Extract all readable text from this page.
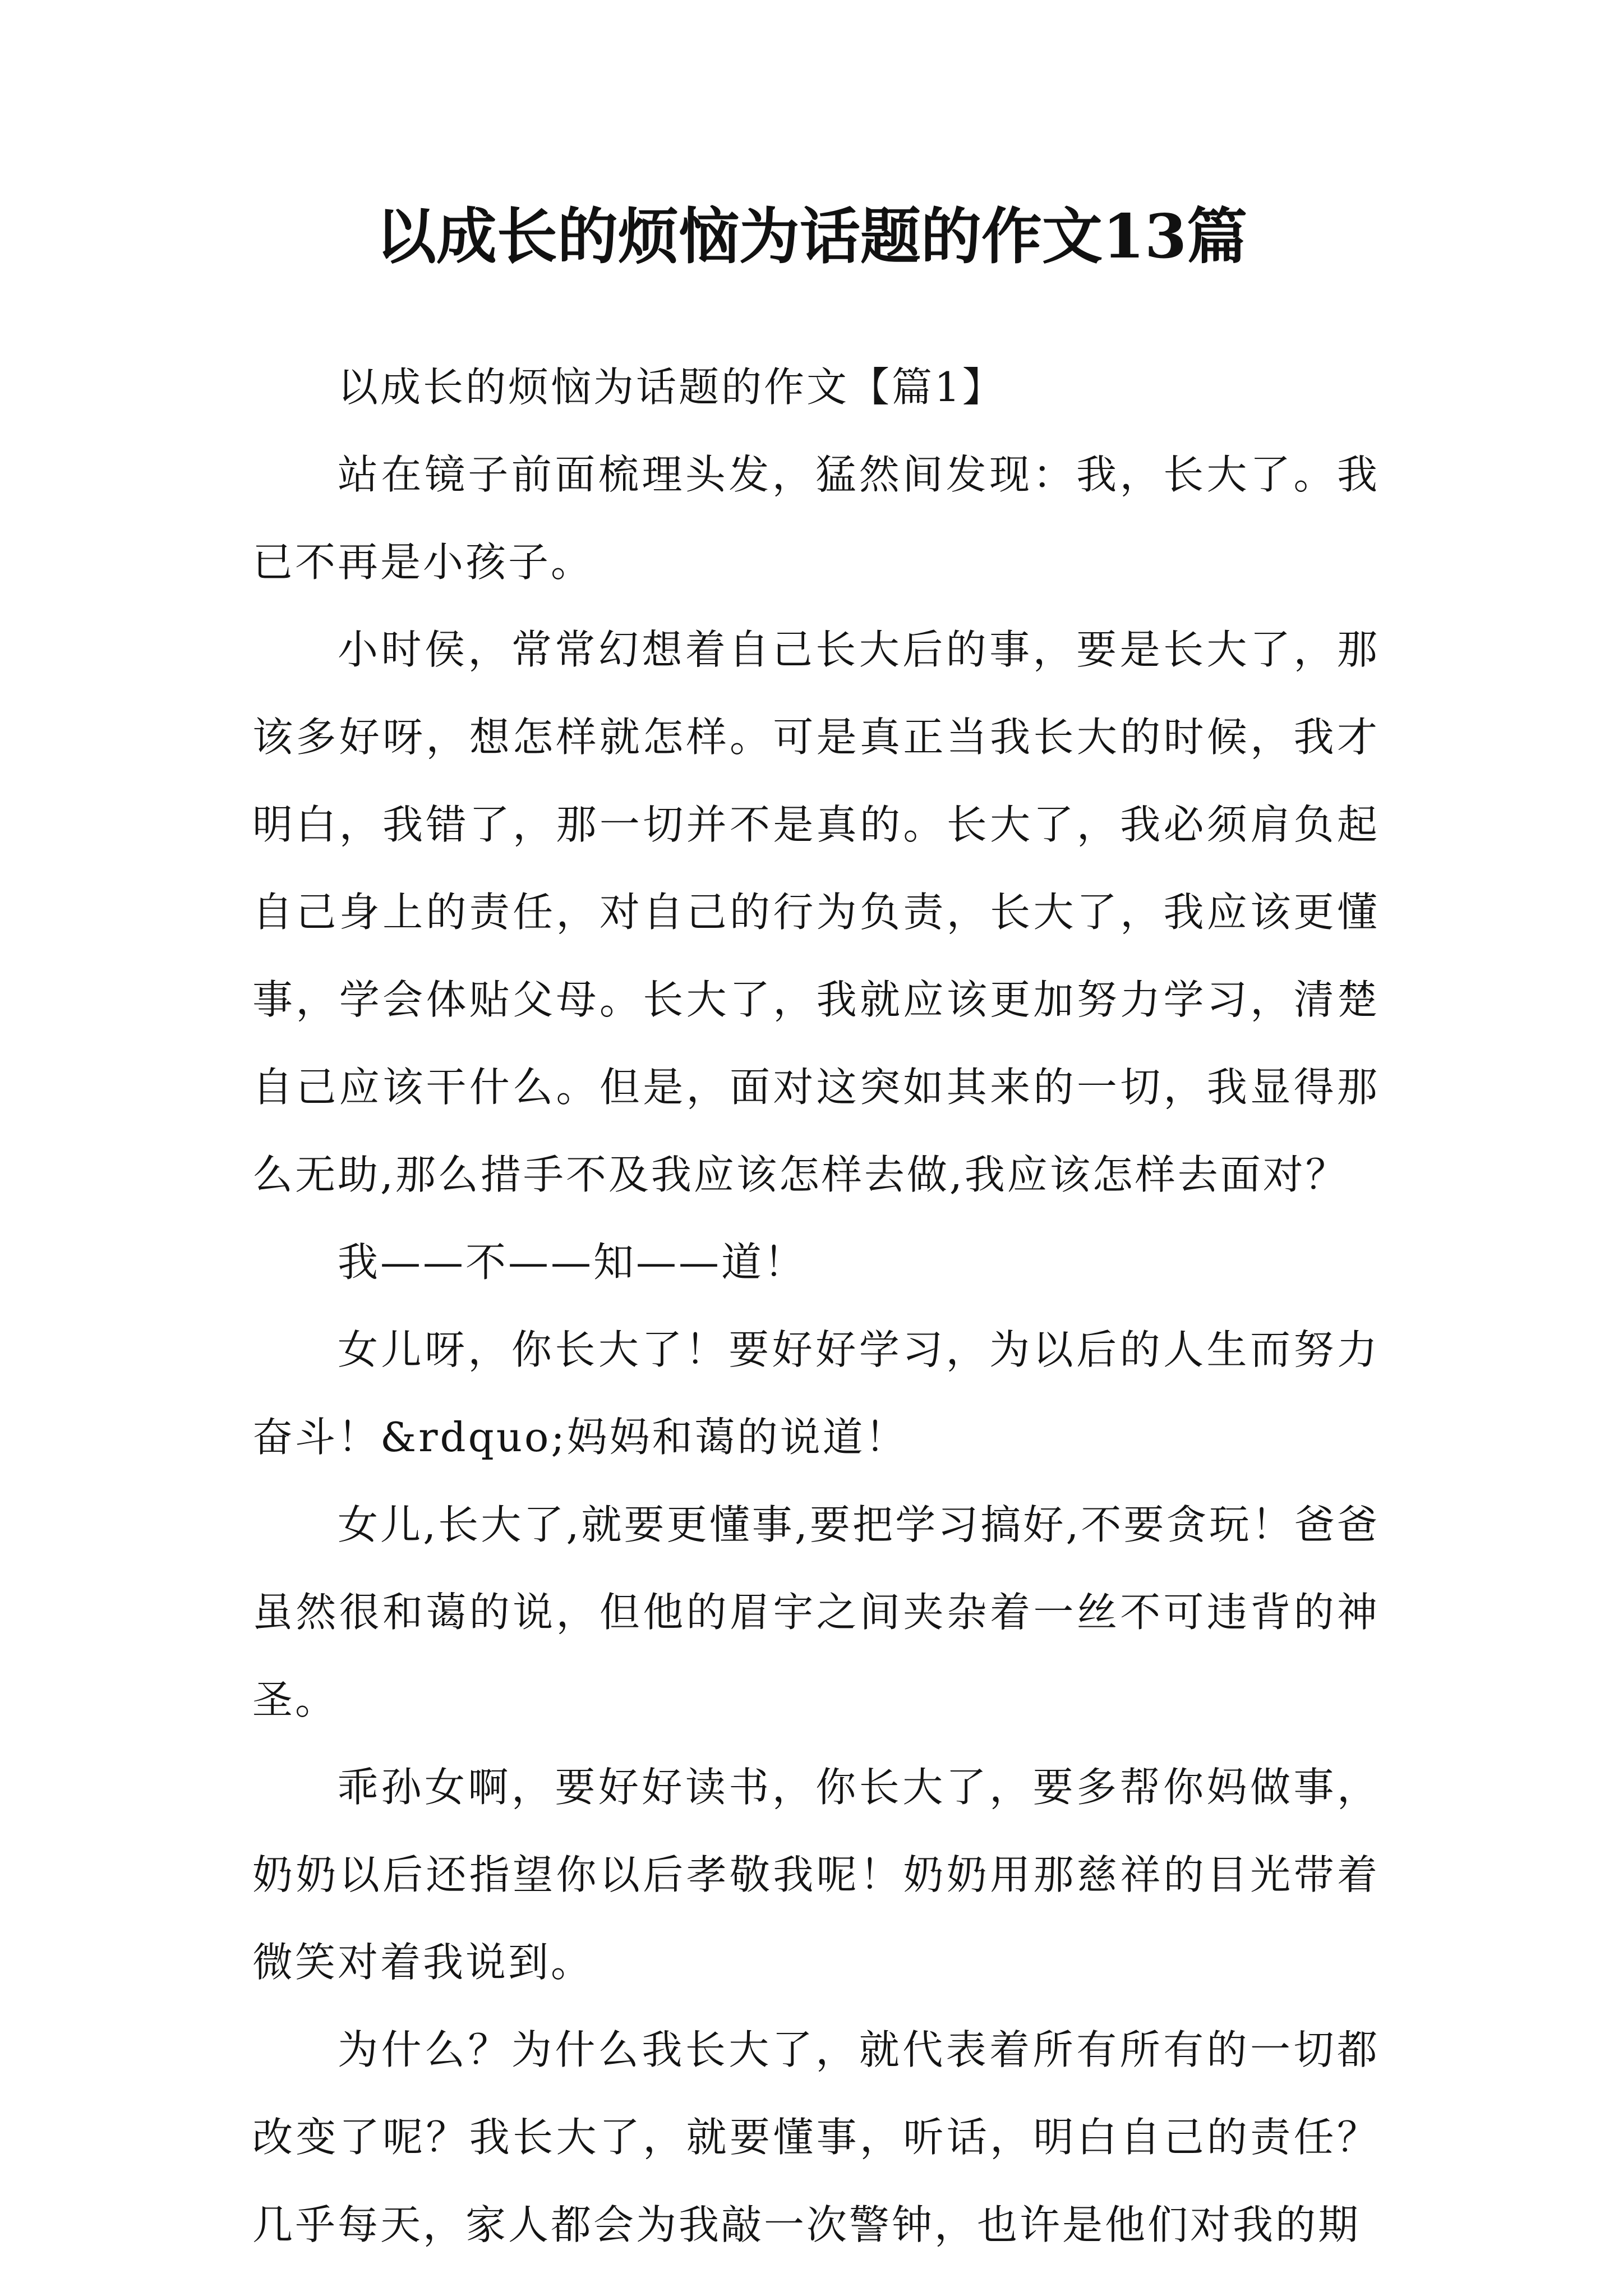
以成长的烦恼为话题的作文13篇

以成长的烦恼为话题的作文【篇1】

站在镜子前面梳理头发，猛然间发现：我，长大了。我已不再是小孩子。

小时侯，常常幻想着自己长大后的事，要是长大了，那该多好呀，想怎样就怎样。可是真正当我长大的时候，我才明白，我错了，那一切并不是真的。长大了，我必须肩负起自己身上的责任，对自己的行为负责，长大了，我应该更懂事，学会体贴父母。长大了，我就应该更加努力学习，清楚自己应该干什么。但是，面对这突如其来的一切，我显得那么无助,那么措手不及我应该怎样去做,我应该怎样去面对？

我——不——知——道！

女儿呀，你长大了！要好好学习，为以后的人生而努力奋斗！&rdquo;妈妈和蔼的说道！

女儿,长大了,就要更懂事,要把学习搞好,不要贪玩！爸爸虽然很和蔼的说，但他的眉宇之间夹杂着一丝不可违背的神圣。

乖孙女啊，要好好读书，你长大了，要多帮你妈做事，奶奶以后还指望你以后孝敬我呢！奶奶用那慈祥的目光带着微笑对着我说到。

为什么？为什么我长大了，就代表着所有所有的一切都改变了呢？我长大了，就要懂事，听话，明白自己的责任？几乎每天，家人都会为我敲一次警钟，也许是他们对我的期
